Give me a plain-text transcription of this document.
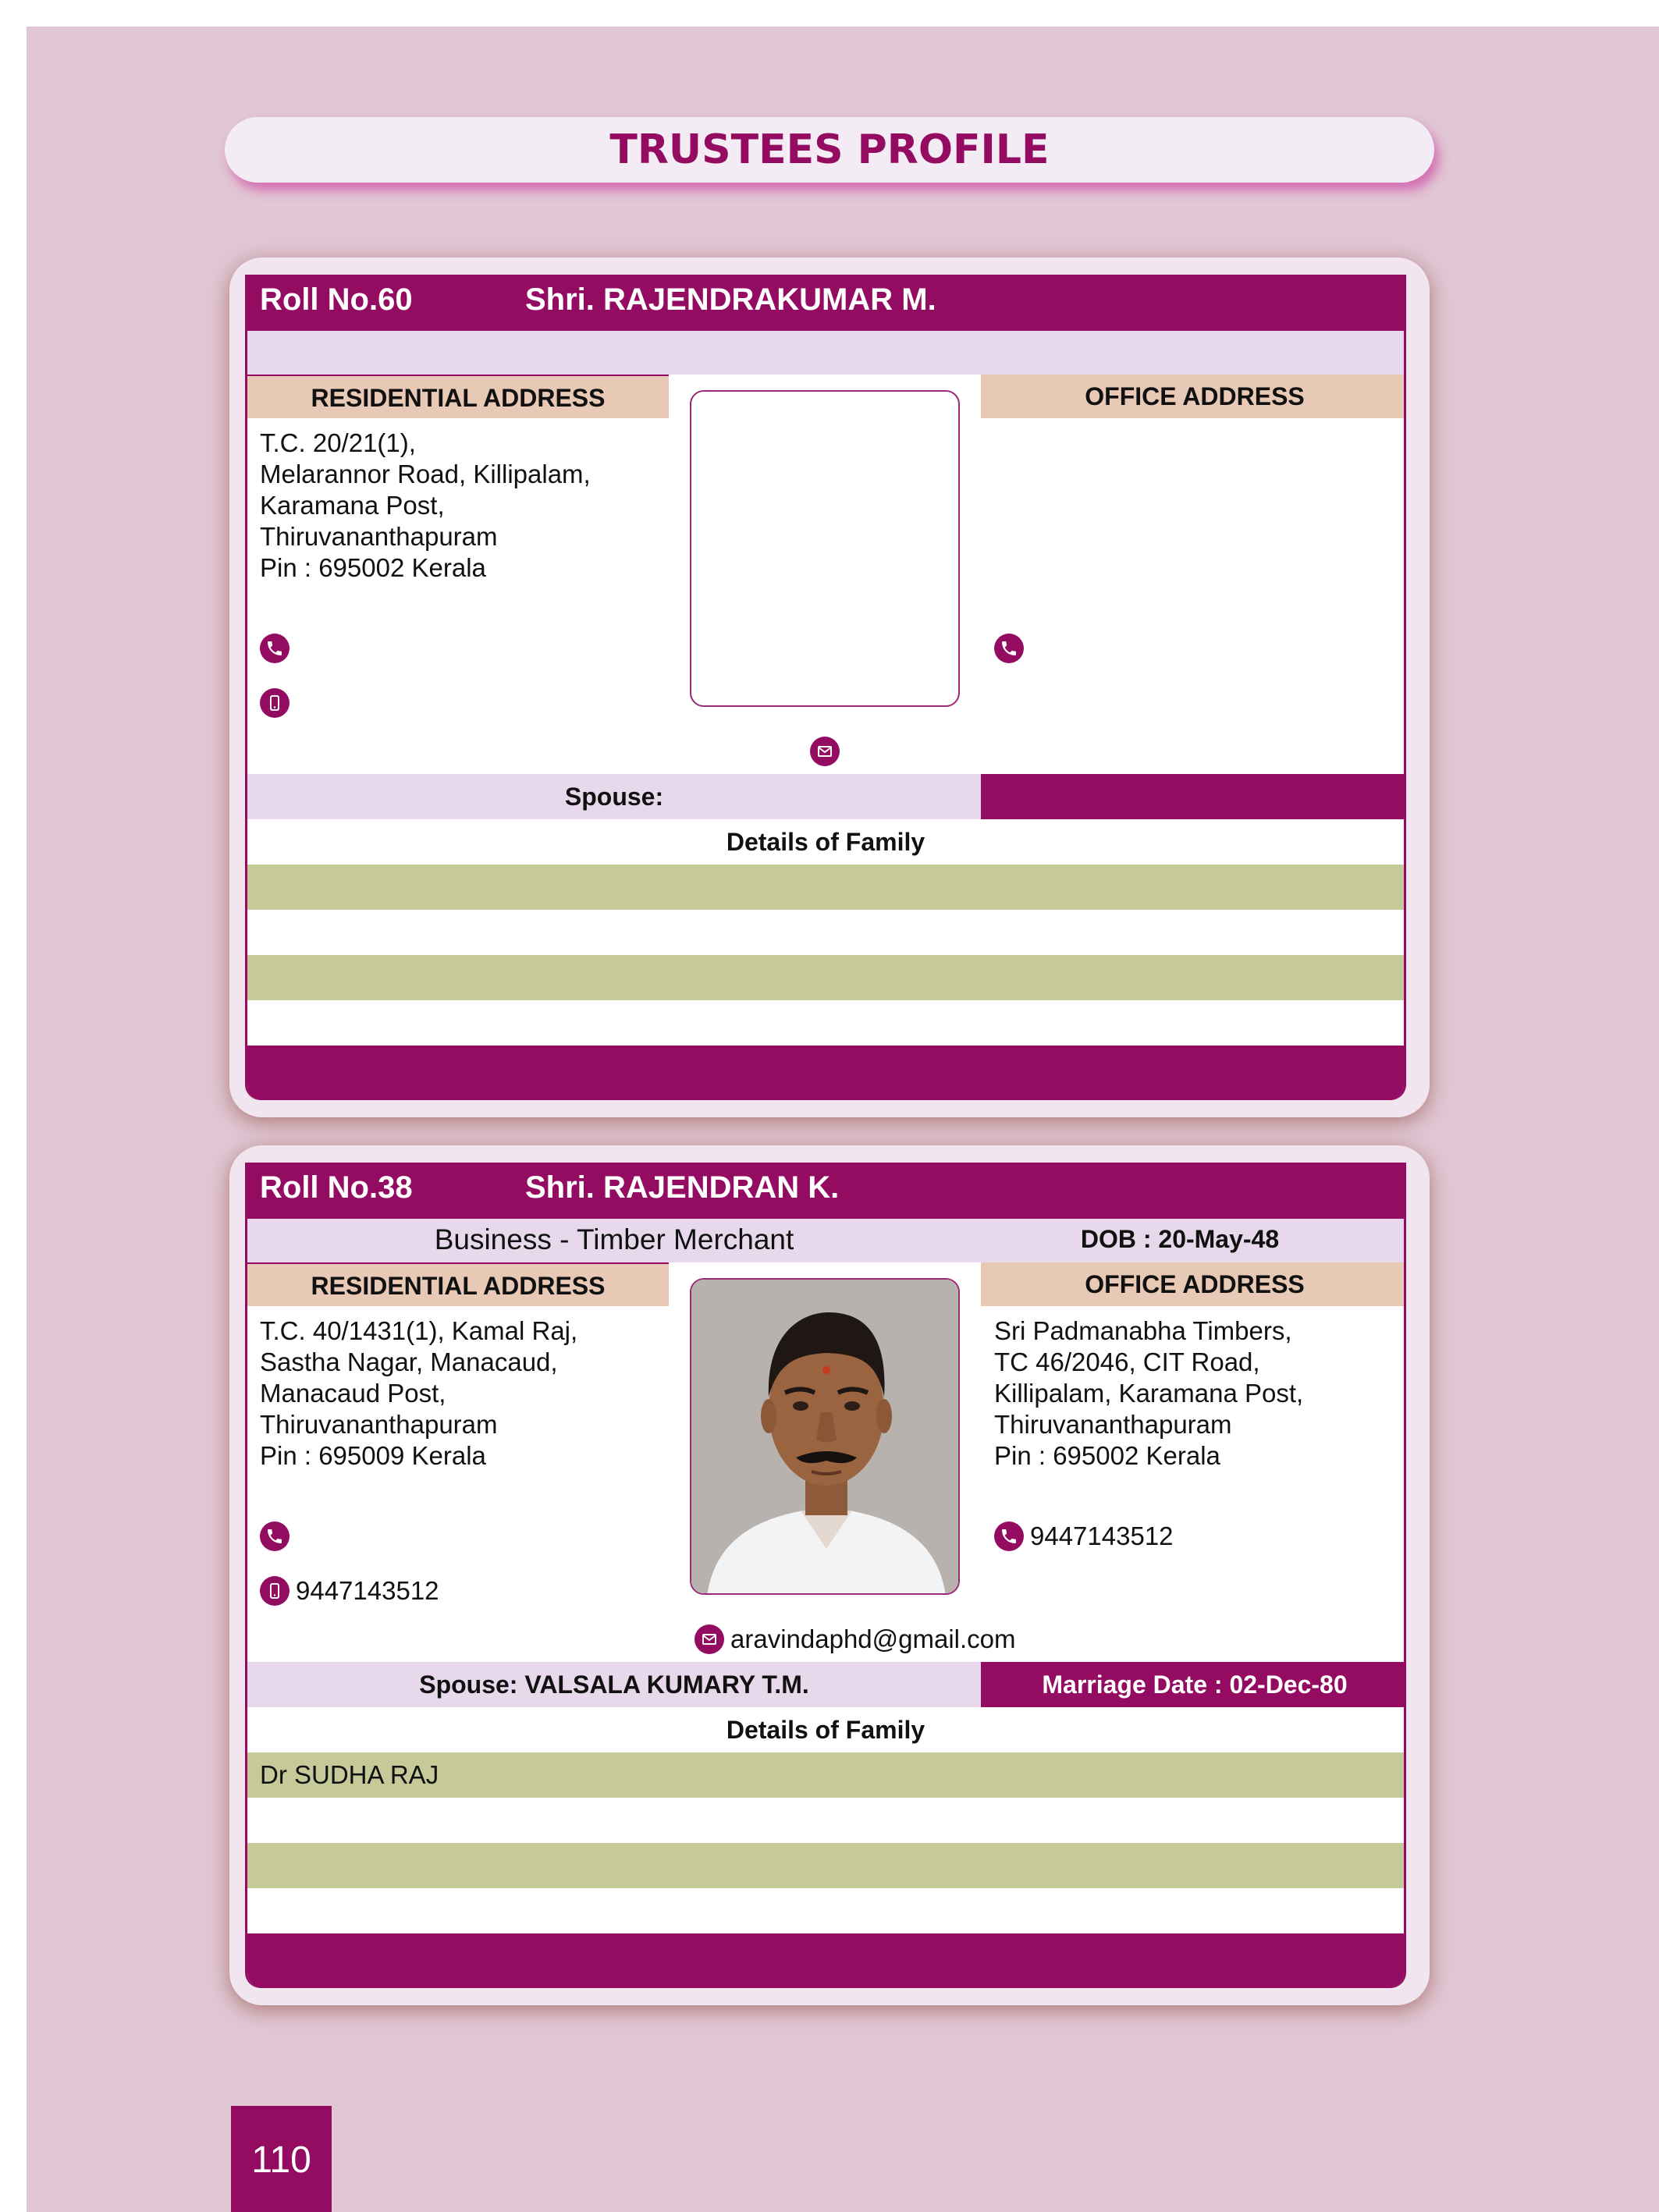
TRUSTEES PROFILE
Roll No.60	Shri. RAJENDRAKUMAR M.
RESIDENTIAL ADDRESS	OFFICE ADDRESS
T.C. 20/21(1),
Melarannor Road, Killipalam,
Karamana Post,
Thiruvananthapuram
Pin : 695002 Kerala
Spouse:
Details of Family
Roll No.38	Shri. RAJENDRAN K.
Business - Timber Merchant	DOB : 20-May-48
RESIDENTIAL ADDRESS	OFFICE ADDRESS
T.C. 40/1431(1), Kamal Raj,
Sastha Nagar, Manacaud,
Manacaud Post,
Thiruvananthapuram
Pin : 695009 Kerala
Sri Padmanabha Timbers,
TC 46/2046, CIT Road,
Killipalam, Karamana Post,
Thiruvananthapuram
Pin : 695002 Kerala
9447143512
9447143512
aravindaphd@gmail.com
Spouse: VALSALA KUMARY T.M.	Marriage Date : 02-Dec-80
Details of Family
Dr SUDHA RAJ
110
